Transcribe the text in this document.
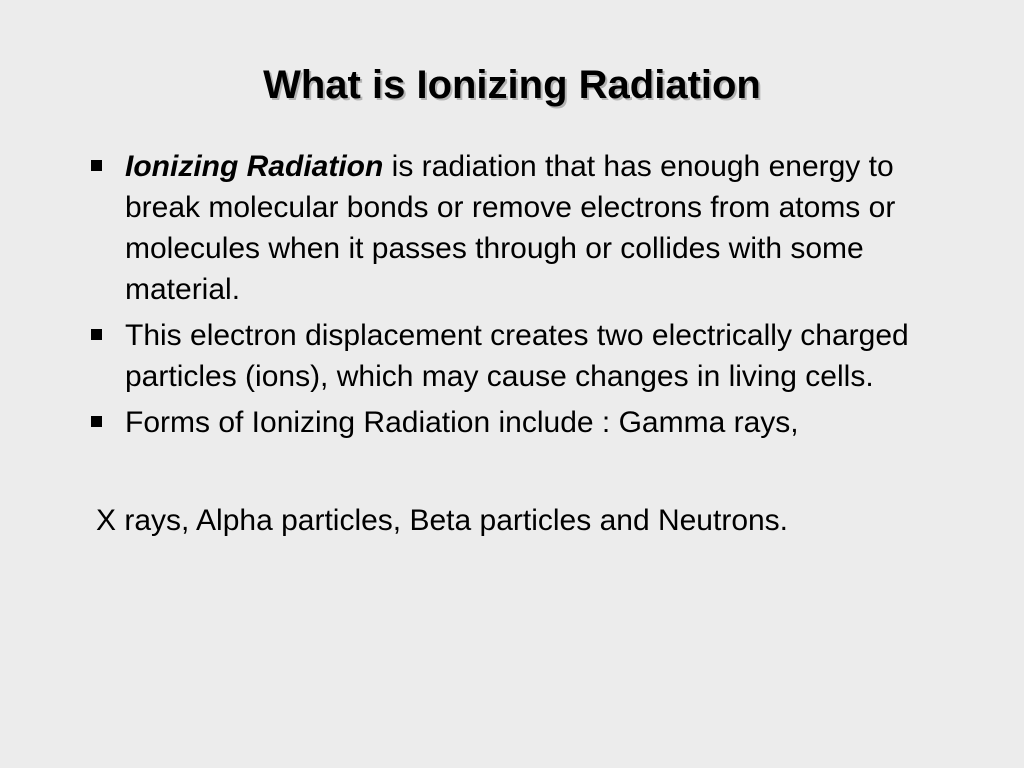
What is Ionizing Radiation
Ionizing Radiation is radiation that has enough energy to break molecular bonds or remove electrons from atoms or molecules when it passes through or collides with some material.
This electron displacement creates two electrically charged particles (ions), which may cause changes in living cells.
Forms of Ionizing Radiation include : Gamma rays,

X rays, Alpha particles, Beta particles and Neutrons.
